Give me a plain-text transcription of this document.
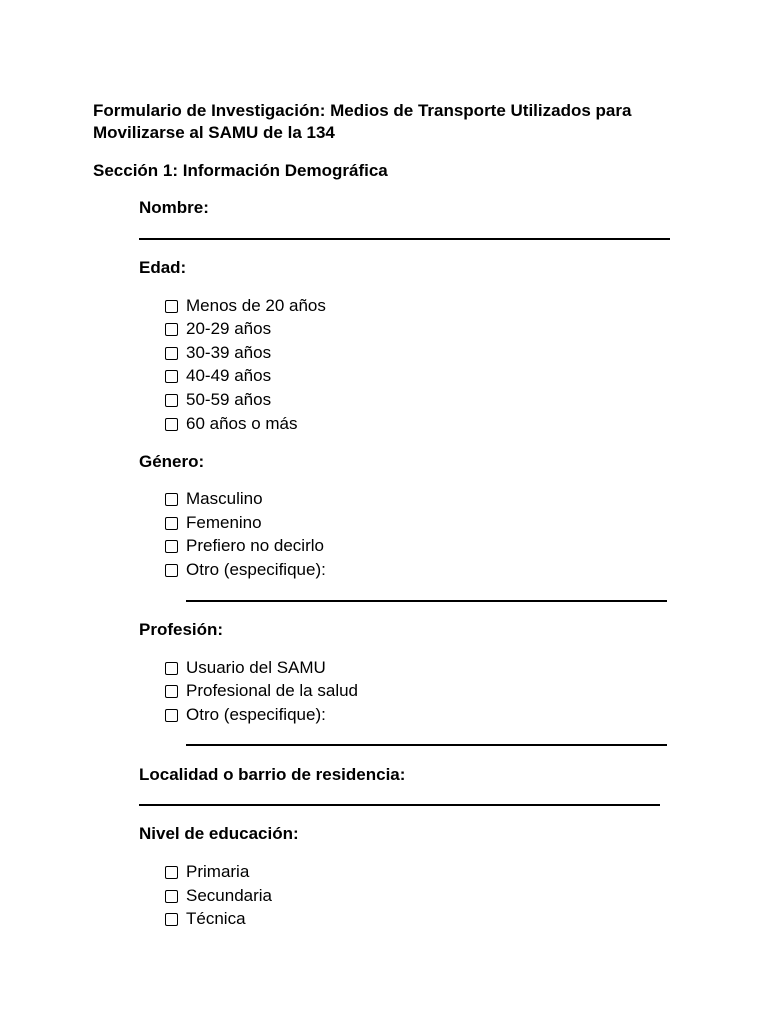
Formulario de Investigación: Medios de Transporte Utilizados para Movilizarse al SAMU de la 134
Sección 1: Información Demográfica
Nombre:
Edad:
Menos de 20 años
20-29 años
30-39 años
40-49 años
50-59 años
60 años o más
Género:
Masculino
Femenino
Prefiero no decirlo
Otro (especifique):
Profesión:
Usuario del SAMU
Profesional de la salud
Otro (especifique):
Localidad o barrio de residencia:
Nivel de educación:
Primaria
Secundaria
Técnica
